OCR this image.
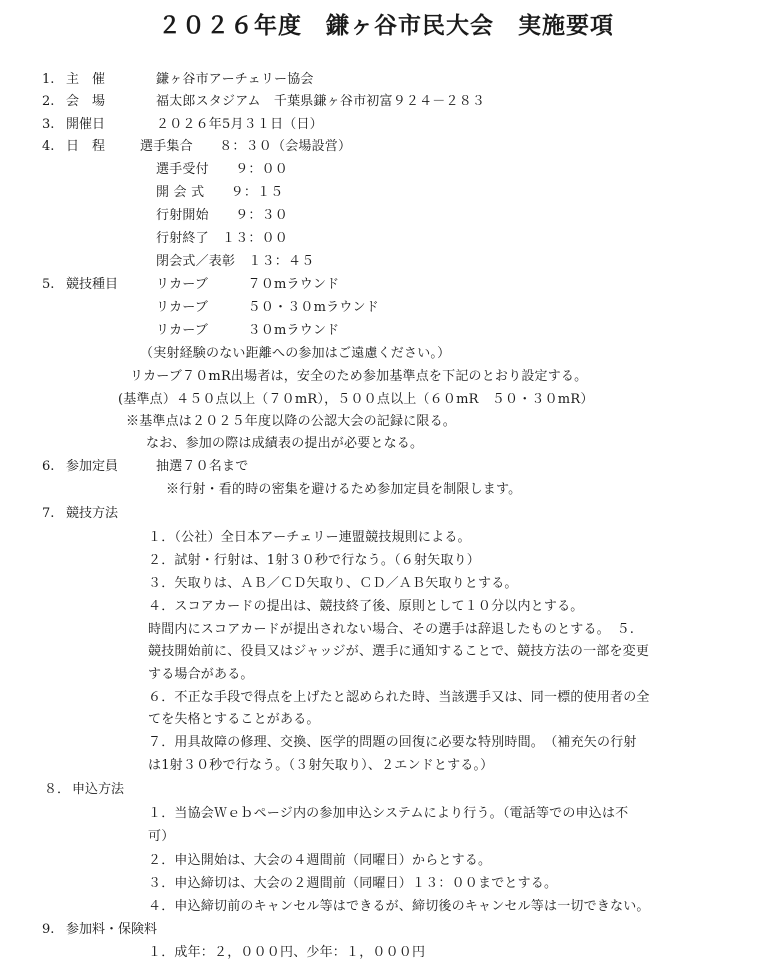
２０２６年度　鎌ヶ谷市民大会　実施要項
1. 主　催	鎌ヶ谷市アーチェリー協会
2. 会　場	福太郎スタジアム　千葉県鎌ヶ谷市初富９２４－２８３
3. 開催日	２０２６年5月３１日（日）
4. 日　程	選手集合　　８：３０（会場設営）
選手受付　　９：００
開 会 式　　９：１５
行射開始　　９：３０
行射終了　１３：００
閉会式／表彰　１３：４５
5. 競技種目	リカーブ　　　７０mラウンド
リカーブ　　　５０・３０mラウンド
リカーブ　　　３０mラウンド
（実射経験のない距離への参加はご遠慮ください。）
リカーブ７０mR出場者は，安全のため参加基準点を下記のとおり設定する。
(基準点）４５０点以上（７０mR），５００点以上（６０mR　５０・３０mR）
※基準点は２０２５年度以降の公認大会の記録に限る。
なお、参加の際は成績表の提出が必要となる。
6. 参加定員	抽選７０名まで
※行射・看的時の密集を避けるため参加定員を制限します。
7. 競技方法
１．（公社）全日本アーチェリー連盟競技規則による。
２．試射・行射は、1射３０秒で行なう。（６射矢取り）
３．矢取りは、ＡＢ／ＣＤ矢取り、ＣＤ／ＡＢ矢取りとする。
４．スコアカードの提出は、競技終了後、原則として１０分以内とする。
時間内にスコアカードが提出されない場合、その選手は辞退したものとする。　５.
競技開始前に、役員又はジャッジが、選手に通知することで、競技方法の一部を変更
する場合がある。
６．不正な手段で得点を上げたと認められた時、当該選手又は、同一標的使用者の全
てを失格とすることがある。
７．用具故障の修理、交換、医学的問題の回復に必要な特別時間。　（補充矢の行射
は1射３０秒で行なう。（３射矢取り）、２エンドとする。）
８． 申込方法
１．当協会Ｗｅｂページ内の参加申込システムにより行う。（電話等での申込は不
可）
２．申込開始は、大会の４週間前（同曜日）からとする。
３．申込締切は、大会の２週間前（同曜日）１３：００までとする。
４．申込締切前のキャンセル等はできるが、締切後のキャンセル等は一切できない。
9. 参加料・保険料
１．成年：２，０００円、少年：１，０００円
